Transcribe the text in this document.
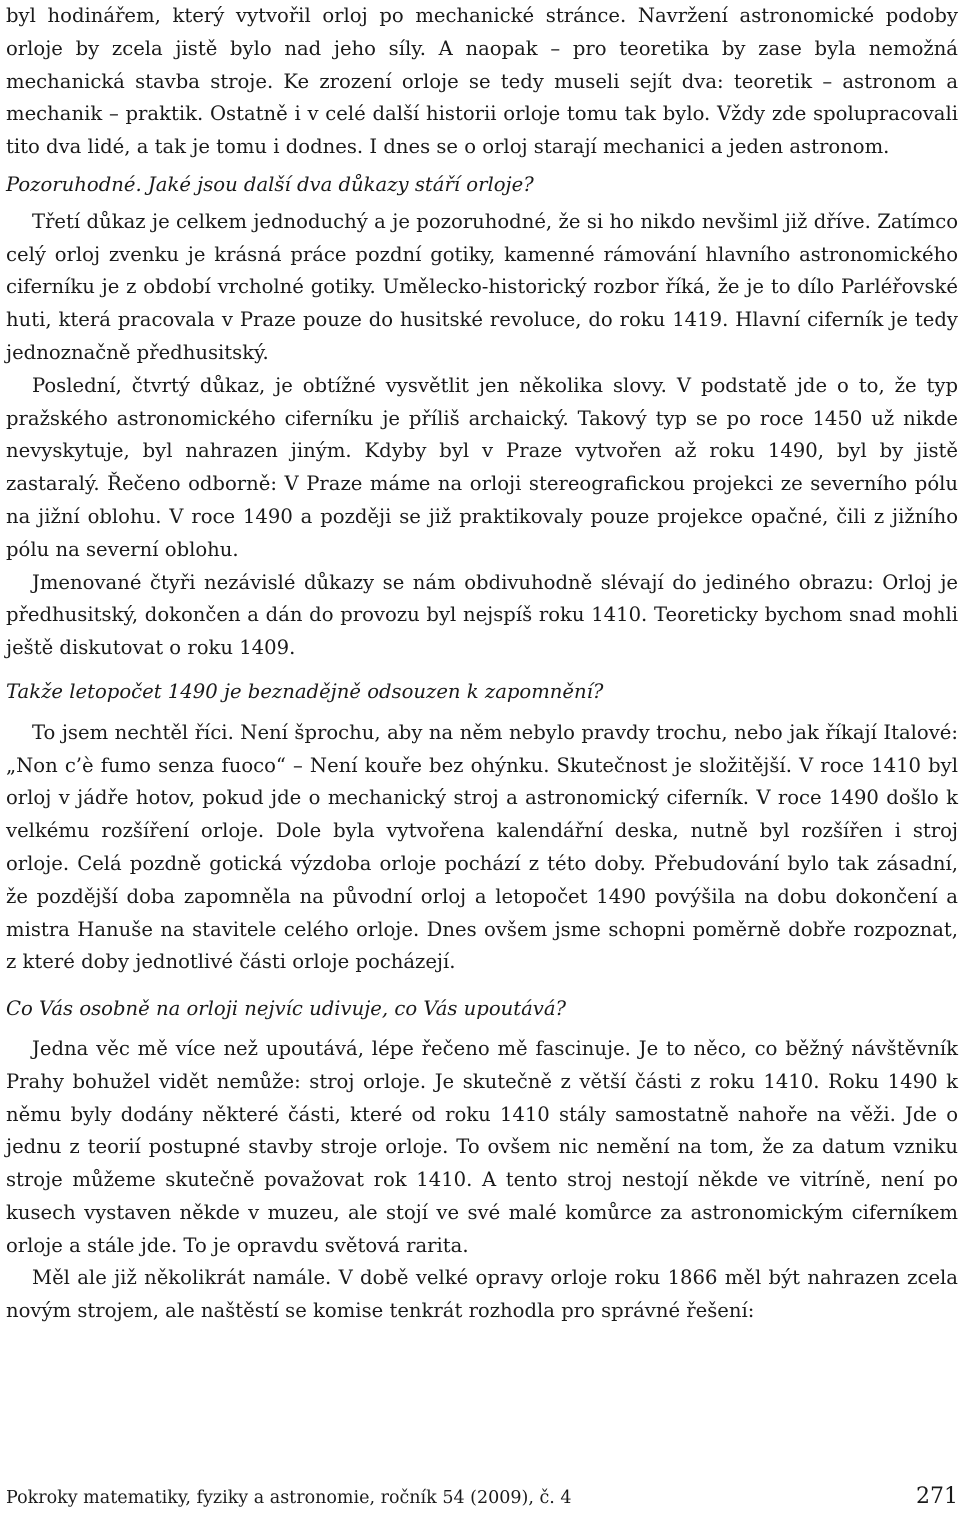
byl hodinářem, který vytvořil orloj po mechanické stránce. Navržení astronomické podoby orloje by zcela jistě bylo nad jeho síly. A naopak – pro teoretika by zase byla nemožná mechanická stavba stroje. Ke zrození orloje se tedy museli sejít dva: teoretik – astronom a mechanik – praktik. Ostatně i v celé další historii orloje tomu tak bylo. Vždy zde spolupracovali tito dva lidé, a tak je tomu i dodnes. I dnes se o orloj starají mechanici a jeden astronom.

Pozoruhodné. Jaké jsou další dva důkazy stáří orloje?

Třetí důkaz je celkem jednoduchý a je pozoruhodné, že si ho nikdo nevšiml již dříve. Zatímco celý orloj zvenku je krásná práce pozdní gotiky, kamenné rámování hlavního astronomického ciferníku je z období vrcholné gotiky. Umělecko-historický rozbor říká, že je to dílo Parléřovské huti, která pracovala v Praze pouze do husitské revoluce, do roku 1419. Hlavní ciferník je tedy jednoznačně předhusitský.

Poslední, čtvrtý důkaz, je obtížné vysvětlit jen několika slovy. V podstatě jde o to, že typ pražského astronomického ciferníku je příliš archaický. Takový typ se po roce 1450 už nikde nevyskytuje, byl nahrazen jiným. Kdyby byl v Praze vytvořen až roku 1490, byl by jistě zastaralý. Řečeno odborně: V Praze máme na orloji stereografickou projekci ze severního pólu na jižní oblohu. V roce 1490 a později se již praktikovaly pouze projekce opačné, čili z jižního pólu na severní oblohu.

Jmenované čtyři nezávislé důkazy se nám obdivuhodně slévají do jediného obrazu: Orloj je předhusitský, dokončen a dán do provozu byl nejspíš roku 1410. Teoreticky bychom snad mohli ještě diskutovat o roku 1409.

Takže letopočet 1490 je beznadějně odsouzen k zapomnění?

To jsem nechtěl říci. Není šprochu, aby na něm nebylo pravdy trochu, nebo jak říkají Italové: „Non c’è fumo senza fuoco“ – Není kouře bez ohýnku. Skutečnost je složitější. V roce 1410 byl orloj v jádře hotov, pokud jde o mechanický stroj a astronomický ciferník. V roce 1490 došlo k velkému rozšíření orloje. Dole byla vytvořena kalendářní deska, nutně byl rozšířen i stroj orloje. Celá pozdně gotická výzdoba orloje pochází z této doby. Přebudování bylo tak zásadní, že pozdější doba zapomněla na původní orloj a letopočet 1490 povýšila na dobu dokončení a mistra Hanuše na stavitele celého orloje. Dnes ovšem jsme schopni poměrně dobře rozpoznat, z které doby jednotlivé části orloje pocházejí.

Co Vás osobně na orloji nejvíc udivuje, co Vás upoutává?

Jedna věc mě více než upoutává, lépe řečeno mě fascinuje. Je to něco, co běžný návštěvník Prahy bohužel vidět nemůže: stroj orloje. Je skutečně z větší části z roku 1410. Roku 1490 k němu byly dodány některé části, které od roku 1410 stály samostatně nahoře na věži. Jde o jednu z teorií postupné stavby stroje orloje. To ovšem nic nemění na tom, že za datum vzniku stroje můžeme skutečně považovat rok 1410. A tento stroj nestojí někde ve vitríně, není po kusech vystaven někde v muzeu, ale stojí ve své malé komůrce za astronomickým ciferníkem orloje a stále jde. To je opravdu světová rarita.

Měl ale již několikrát namále. V době velké opravy orloje roku 1866 měl být nahrazen zcela novým strojem, ale naštěstí se komise tenkrát rozhodla pro správné řešení:

Pokroky matematiky, fyziky a astronomie, ročník 54 (2009), č. 4	271
